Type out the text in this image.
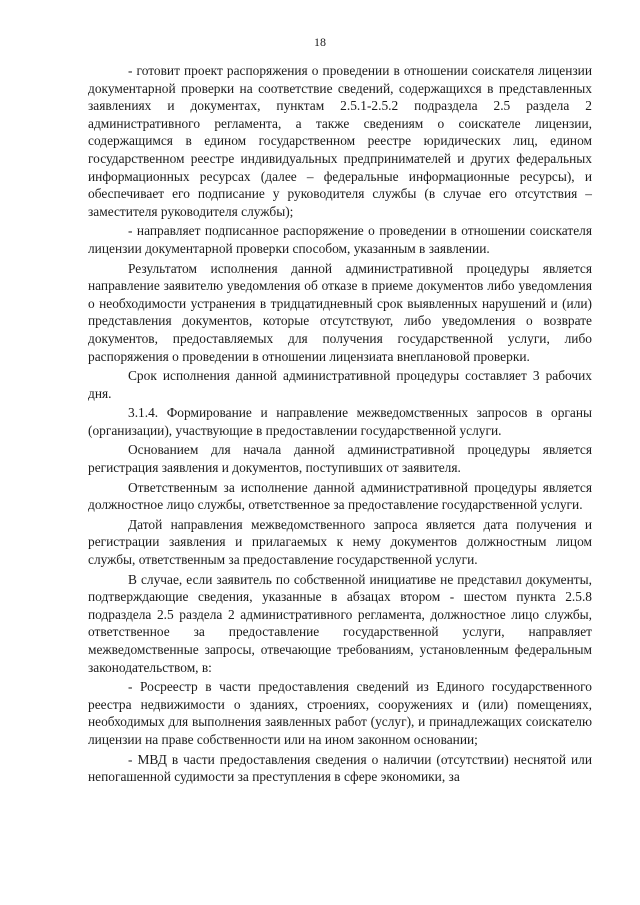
18

- готовит проект распоряжения о проведении в отношении соискателя лицензии документарной проверки на соответствие сведений, содержащихся в представленных заявлениях и документах, пунктам 2.5.1-2.5.2 подраздела 2.5 раздела 2 административного регламента, а также сведениям о соискателе лицензии, содержащимся в едином государственном реестре юридических лиц, едином государственном реестре индивидуальных предпринимателей и других федеральных информационных ресурсах (далее – федеральные информационные ресурсы), и обеспечивает его подписание у руководителя службы (в случае его отсутствия – заместителя руководителя службы);

- направляет подписанное распоряжение о проведении в отношении соискателя лицензии документарной проверки способом, указанным в заявлении.

Результатом исполнения данной административной процедуры является направление заявителю уведомления об отказе в приеме документов либо уведомления о необходимости устранения в тридцатидневный срок выявленных нарушений и (или) представления документов, которые отсутствуют, либо уведомления о возврате документов, предоставляемых для получения государственной услуги, либо распоряжения о проведении в отношении лицензиата внеплановой проверки.

Срок исполнения данной административной процедуры составляет 3 рабочих дня.

3.1.4. Формирование и направление межведомственных запросов в органы (организации), участвующие в предоставлении государственной услуги.

Основанием для начала данной административной процедуры является регистрация заявления и документов, поступивших от заявителя.

Ответственным за исполнение данной административной процедуры является должностное лицо службы, ответственное за предоставление государственной услуги.

Датой направления межведомственного запроса является дата получения и регистрации заявления и прилагаемых к нему документов должностным лицом службы, ответственным за предоставление государственной услуги.

В случае, если заявитель по собственной инициативе не представил документы, подтверждающие сведения, указанные в абзацах втором - шестом пункта 2.5.8 подраздела 2.5 раздела 2 административного регламента, должностное лицо службы, ответственное за предоставление государственной услуги, направляет межведомственные запросы, отвечающие требованиям, установленным федеральным законодательством, в:

- Росреестр в части предоставления сведений из Единого государственного реестра недвижимости о зданиях, строениях, сооружениях и (или) помещениях, необходимых для выполнения заявленных работ (услуг), и принадлежащих соискателю лицензии на праве собственности или на ином законном основании;

- МВД в части предоставления сведения о наличии (отсутствии) неснятой или непогашенной судимости за преступления в сфере экономики, за
